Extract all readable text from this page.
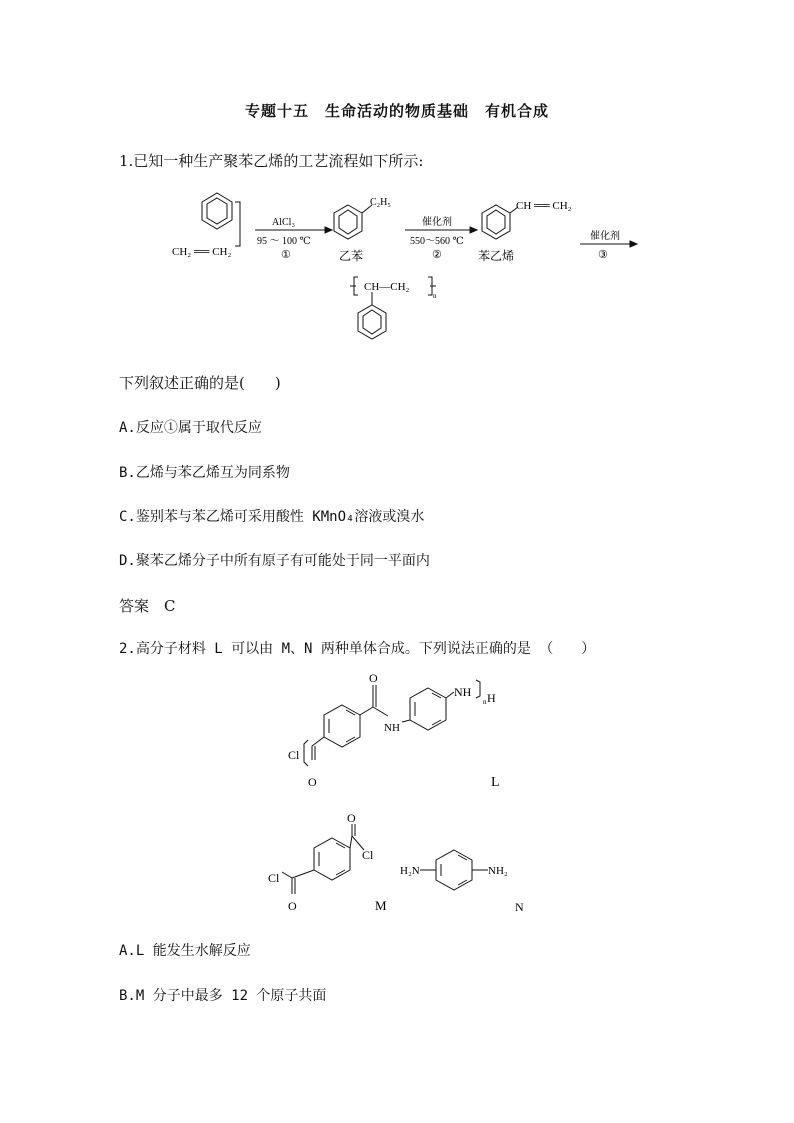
专题十五　生命活动的物质基础　有机合成
1.已知一种生产聚苯乙烯的工艺流程如下所示:
CH₂ ══ CH₂
AlCl₃
95 ～ 100 ℃
①
C₂H₅
乙苯
催化剂
550～560 ℃
②
CH ══ CH₂
苯乙烯
催化剂
③
CH—CH₂
n
下列叙述正确的是(　　)
A.反应①属于取代反应
B.乙烯与苯乙烯互为同系物
C.鉴别苯与苯乙烯可采用酸性 KMnO₄溶液或溴水
D.聚苯乙烯分子中所有原子有可能处于同一平面内
答案　C
2.高分子材料 L 可以由 M、N 两种单体合成。下列说法正确的是 （　　）
O
NH
NH
n H
Cl
O	L
O
Cl
Cl
O	M
H₂N	NH₂
N
A.L 能发生水解反应
B.M 分子中最多 12 个原子共面
